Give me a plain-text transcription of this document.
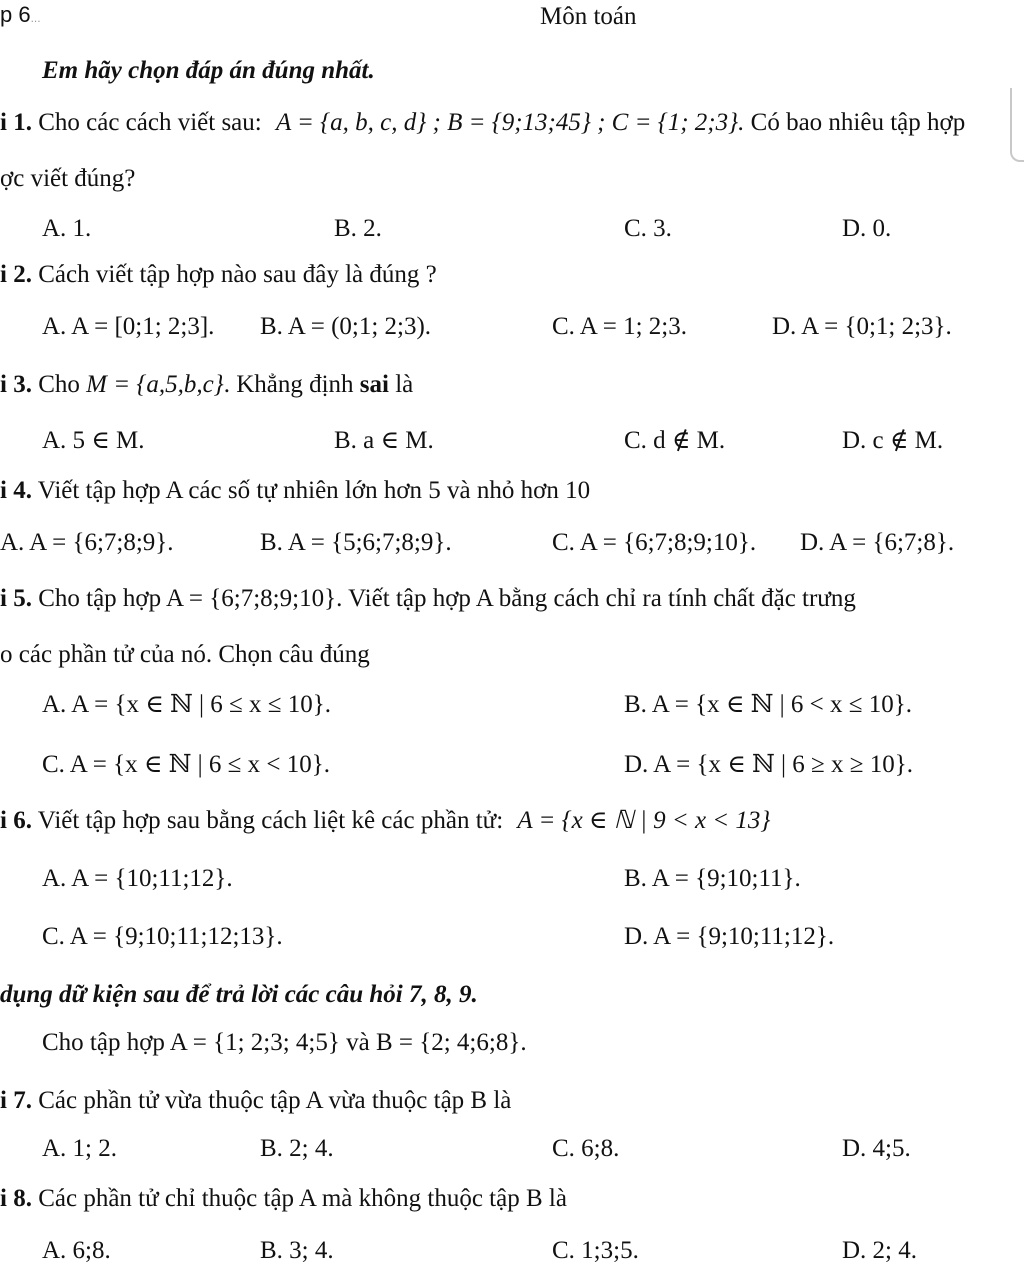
p 6...	Môn toán
Em hãy chọn đáp án đúng nhất.
i 1. Cho các cách viết sau: A = {a, b, c, d} ; B = {9;13;45} ; C = {1; 2;3}. Có bao nhiêu tập hợp
ợc viết đúng?
A. 1.	B. 2.	C. 3.	D. 0.
i 2. Cách viết tập hợp nào sau đây là đúng ?
A. A = [0;1; 2;3]. B. A = (0;1; 2;3).	C. A = 1; 2;3.	D. A = {0;1; 2;3}.
i 3. Cho M = {a,5,b,c}. Khẳng định sai là
A. 5 ∈ M.	B. a ∈ M.	C. d ∉ M.	D. c ∉ M.
i 4. Viết tập hợp A các số tự nhiên lớn hơn 5 và nhỏ hơn 10
A. A = {6;7;8;9}.	B. A = {5;6;7;8;9}.	C. A = {6;7;8;9;10}. D. A = {6;7;8}.
i 5. Cho tập hợp A = {6;7;8;9;10}. Viết tập hợp A bằng cách chỉ ra tính chất đặc trưng
o các phần tử của nó. Chọn câu đúng
A. A = {x ∈ ℕ | 6 ≤ x ≤ 10}.	B. A = {x ∈ ℕ | 6 < x ≤ 10}.
C. A = {x ∈ ℕ | 6 ≤ x < 10}.	D. A = {x ∈ ℕ | 6 ≥ x ≥ 10}.
i 6. Viết tập hợp sau bằng cách liệt kê các phần tử: A = {x ∈ ℕ | 9 < x < 13}
A. A = {10;11;12}.	B. A = {9;10;11}.
C. A = {9;10;11;12;13}.	D. A = {9;10;11;12}.
dụng dữ kiện sau để trả lời các câu hỏi 7, 8, 9.
Cho tập hợp A = {1; 2;3; 4;5} và B = {2; 4;6;8}.
i 7. Các phần tử vừa thuộc tập A vừa thuộc tập B là
A. 1; 2.	B. 2; 4.	C. 6;8.	D. 4;5.
i 8. Các phần tử chỉ thuộc tập A mà không thuộc tập B là
A. 6;8.	B. 3; 4.	C. 1;3;5.	D. 2; 4.
